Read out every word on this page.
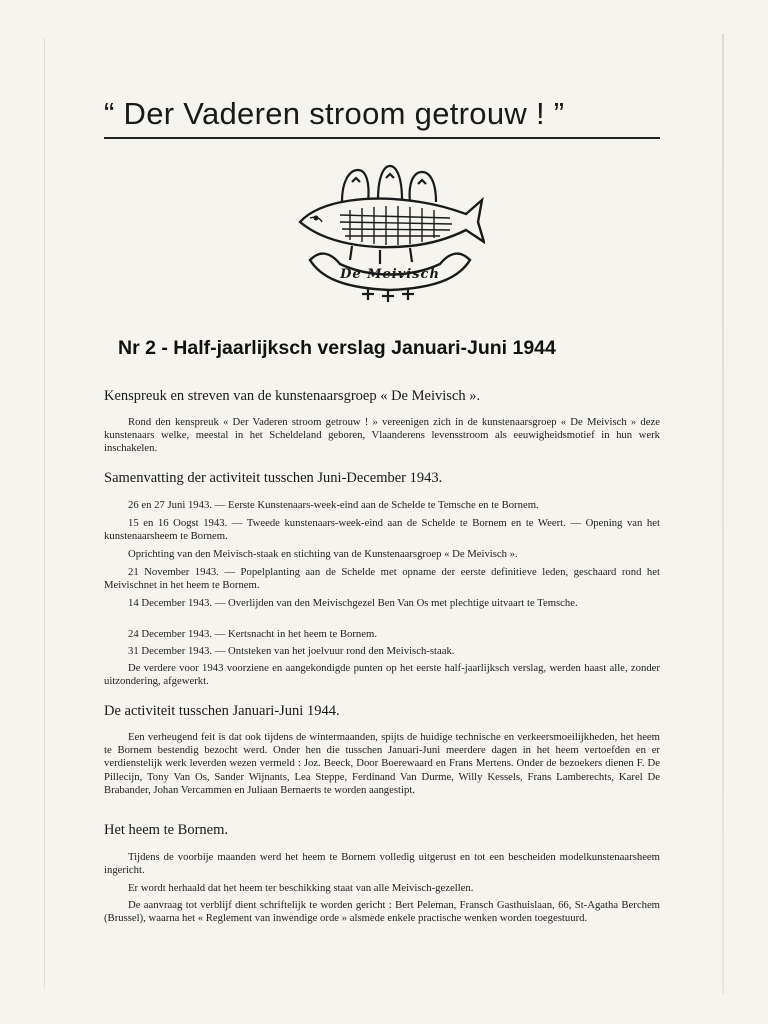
“ Der Vaderen stroom getrouw ! ”
De Meivisch
Nr 2 - Half-jaarlijksch verslag Januari-Juni 1944
Kenspreuk en streven van de kunstenaarsgroep « De Meivisch ».
Rond den kenspreuk « Der Vaderen stroom getrouw ! » vereenigen zich in de kunstenaarsgroep « De Meivisch » deze kunstenaars welke, meestal in het Scheldeland geboren, Vlaanderens levensstroom als eeuwigheidsmotief in hun werk inschakelen.
Samenvatting der activiteit tusschen Juni-December 1943.
26 en 27 Juni 1943. — Eerste Kunstenaars-week-eind aan de Schelde te Temsche en te Bornem.
15 en 16 Oogst 1943. — Tweede kunstenaars-week-eind aan de Schelde te Bornem en te Weert. — Opening van het kunstenaarsheem te Bornem.
Oprichting van den Meivisch-staak en stichting van de Kunstenaarsgroep « De Meivisch ».
21 November 1943. — Popelplanting aan de Schelde met opname der eerste definitieve leden, geschaard rond het Meivischnet in het heem te Bornem.
14 December 1943. — Overlijden van den Meivischgezel Ben Van Os met plechtige uitvaart te Temsche.
24 December 1943. — Kertsnacht in het heem te Bornem.
31 December 1943. — Ontsteken van het joelvuur rond den Meivisch-staak.
De verdere voor 1943 voorziene en aangekondigde punten op het eerste half-jaarlijksch verslag, werden haast alle, zonder uitzondering, afgewerkt.
De activiteit tusschen Januari-Juni 1944.
Een verheugend feit is dat ook tijdens de wintermaanden, spijts de huidige technische en verkeersmoeilijkheden, het heem te Bornem bestendig bezocht werd. Onder hen die tusschen Januari-Juni meerdere dagen in het heem vertoefden en er verdienstelijk werk leverden wezen vermeld : Joz. Beeck, Door Boerewaard en Frans Mertens. Onder de bezoekers dienen F. De Pillecijn, Tony Van Os, Sander Wijnants, Lea Steppe, Ferdinand Van Durme, Willy Kessels, Frans Lamberechts, Karel De Brabander, Johan Vercammen en Juliaan Bernaerts te worden aangestipt.
Het heem te Bornem.
Tijdens de voorbije maanden werd het heem te Bornem volledig uitgerust en tot een bescheiden modelkunstenaarsheem ingericht.
Er wordt herhaald dat het heem ter beschikking staat van alle Meivisch-gezellen.
De aanvraag tot verblijf dient schriftelijk te worden gericht : Bert Peleman, Fransch Gasthuislaan, 66, St-Agatha Berchem (Brussel), waarna het « Reglement van inwendige orde » alsmede enkele practische wenken worden toegestuurd.
